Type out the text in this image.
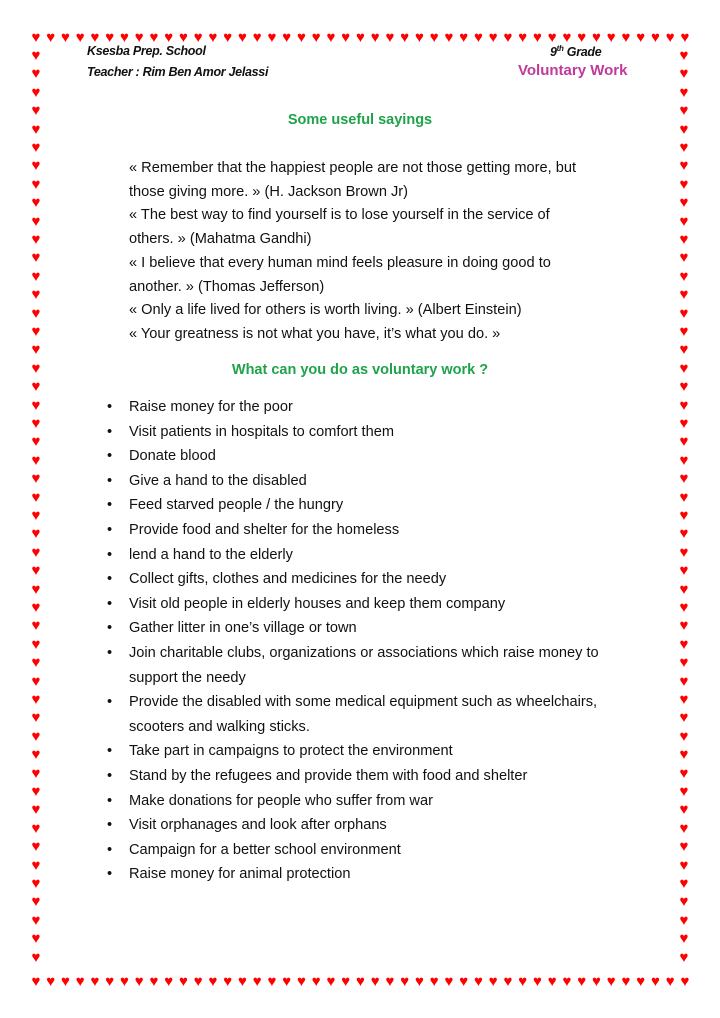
♥
♥
♥
♥
♥
♥
♥
♥
♥
♥
♥
♥
♥
♥
♥
♥
♥
♥
♥
♥
♥
♥
♥
♥
♥
♥
♥
♥
♥
♥
♥
♥
♥
♥
♥
♥
♥
♥
♥
♥
♥
♥
♥
♥
♥
♥
♥
♥
♥
♥
♥
♥
♥
♥
♥
♥
♥
♥
♥
♥
♥
♥
♥
♥
♥
♥
♥
♥
♥
♥
♥
♥
♥
♥
♥
♥
♥
♥
♥
♥
♥
♥
♥
♥
♥
♥
♥
♥
♥
♥
♥	♥
♥	♥
♥	♥
♥	♥
♥	♥
♥	♥
♥	♥
♥	♥
♥	♥
♥	♥
♥	♥
♥	♥
♥	♥
♥	♥
♥	♥
♥	♥
♥	♥
♥	♥
♥	♥
♥	♥
♥	♥
♥	♥
♥	♥
♥	♥
♥	♥
♥	♥
♥	♥
♥	♥
♥	♥
♥	♥
♥	♥
♥	♥
♥	♥
♥	♥
♥	♥
♥	♥
♥	♥
♥	♥
♥	♥
♥	♥
♥	♥
♥	♥
♥	♥
♥	♥
♥	♥
♥	♥
♥	♥
♥	♥
♥	♥
♥	♥
Ksesba Prep. School
Teacher : Rim Ben Amor Jelassi
9th Grade
Voluntary Work
Some useful sayings
« Remember that the happiest people are not those getting more, but
those giving more. » (H. Jackson Brown Jr)
« The best way to find yourself is to lose yourself in the service of
others. » (Mahatma Gandhi)
« I believe that every human mind feels pleasure in doing good to
another. » (Thomas Jefferson)
« Only a life lived for others is worth living. » (Albert Einstein)
« Your greatness is not what you have, it’s what you do. »
What can you do as voluntary work ?
• Raise money for the poor
• Visit patients in hospitals to comfort them
• Donate blood
• Give a hand to the disabled
• Feed starved people / the hungry
• Provide food and shelter for the homeless
• lend a hand to the elderly
• Collect gifts, clothes and medicines for the needy
• Visit old people in elderly houses and keep them company
• Gather litter in one’s village or town
• Join charitable clubs, organizations or associations which raise money to support the needy
• Provide the disabled with some medical equipment such as wheelchairs, scooters and walking sticks.
• Take part in campaigns to protect the environment
• Stand by the refugees and provide them with food and shelter
• Make donations for people who suffer from war
• Visit orphanages and look after orphans
• Campaign for a better school environment
• Raise money for animal protection
